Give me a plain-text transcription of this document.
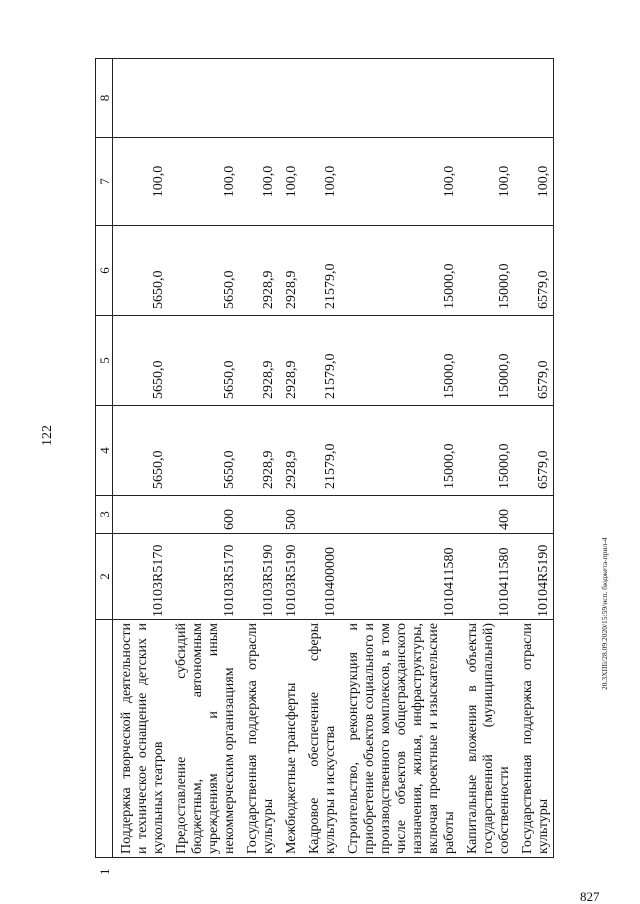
122
1	2	3	4	5	6	7	8
Поддержка творческой деятельности и техническое оснащение детских и кукольных театров	10103R5170		5650,0	5650,0	5650,0	100,0	
Предоставление субсидий бюджетным, автономным учреждениям и иным некоммерческим организациям	10103R5170	600	5650,0	5650,0	5650,0	100,0	
Государственная поддержка отрасли культуры	10103R5190		2928,9	2928,9	2928,9	100,0	
Межбюджетные трансферты	10103R5190	500	2928,9	2928,9	2928,9	100,0	
Кадровое обеспечение сферы культуры и искусства	1010400000		21579,0	21579,0	21579,0	100,0	
Строительство, реконструкция и приобретение объектов социального и производственного комплексов, в том числе объектов общегражданского назначения, жилья, инфраструктуры, включая проектные и изыскательские работы	1010411580		15000,0	15000,0	15000,0	100,0	
Капитальные вложения в объекты государственной (муниципальной) собственности	1010411580	400	15000,0	15000,0	15000,0	100,0	
Государственная поддержка отрасли культуры	10104R5190		6579,0	6579,0	6579,0	100,0	
20.3XIIIi/28.09.2020/15:59/исп. бюджета-прил-4
827
